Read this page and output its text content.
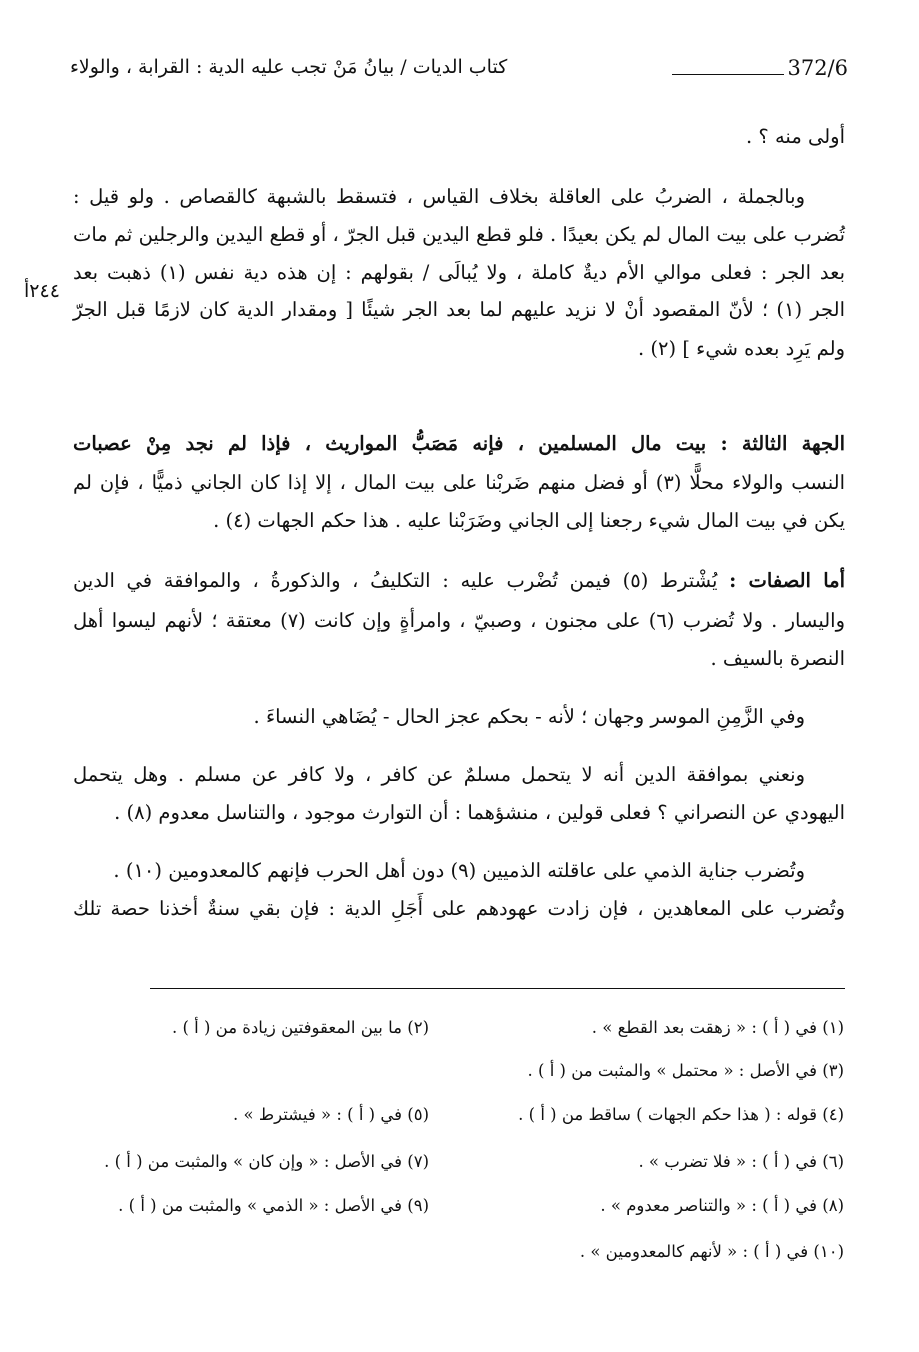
372/6
كتاب الديات / بيانُ مَنْ تجب عليه الدية : القرابة ، والولاء
٢٤٤أ
أولى منه ؟ .
وبالجملة ، الضربُ على العاقلة بخلاف القياس ، فتسقط بالشبهة كالقصاص . ولو قيل :
تُضرب على بيت المال لم يكن بعيدًا . فلو قطع اليدين قبل الجرّ ، أو قطع اليدين والرجلين ثم مات
بعد الجر : فعلى موالي الأم ديةٌ كاملة ، ولا يُبالَى / بقولهم : إن هذه دية نفس (١) ذهبت بعد
الجر (١) ؛ لأنّ المقصود أنْ لا نزيد عليهم لما بعد الجر شيئًا [ ومقدار الدية كان لازمًا قبل الجرّ
ولم يَرِد بعده شيء ] (٢) .
الجهة الثالثة : بيت مال المسلمين ، فإنه مَصَبُّ المواريث ، فإذا لم نجد مِنْ عصبات
النسب والولاء محلًّا (٣) أو فضل منهم ضَربْنا على بيت المال ، إلا إذا كان الجاني ذميًّا ، فإن لم
يكن في بيت المال شيء رجعنا إلى الجاني وضَرَبْنا عليه . هذا حكم الجهات (٤) .
أما الصفات : يُشْترط (٥) فيمن تُضْرب عليه : التكليفُ ، والذكورةُ ، والموافقة في الدين
واليسار . ولا تُضرب (٦) على مجنون ، وصبيّ ، وامرأةٍ وإن كانت (٧) معتقة ؛ لأنهم ليسوا أهل
النصرة بالسيف .
وفي الزَّمِنِ الموسر وجهان ؛ لأنه - بحكم عجز الحال - يُضَاهي النساءَ .
ونعني بموافقة الدين أنه لا يتحمل مسلمٌ عن كافر ، ولا كافر عن مسلم . وهل يتحمل
اليهودي عن النصراني ؟ فعلى قولين ، منشؤهما : أن التوارث موجود ، والتناسل معدوم (٨) .
وتُضرب جناية الذمي على عاقلته الذميين (٩) دون أهل الحرب فإنهم كالمعدومين (١٠) .
وتُضرب على المعاهدين ، فإن زادت عهودهم على أَجَلِ الدية : فإن بقي سنةٌ أخذنا حصة تلك
(١) في ( أ ) : « زهقت بعد القطع » .
(٢) ما بين المعقوفتين زيادة من ( أ ) .
(٣) في الأصل : « محتمل » والمثبت من ( أ ) .
(٤) قوله : ( هذا حكم الجهات ) ساقط من ( أ ) .
(٥) في ( أ ) : « فيشترط » .
(٦) في ( أ ) : « فلا تضرب » .
(٧) في الأصل : « وإن كان » والمثبت من ( أ ) .
(٨) في ( أ ) : « والتناصر معدوم » .
(٩) في الأصل : « الذمي » والمثبت من ( أ ) .
(١٠) في ( أ ) : « لأنهم كالمعدومين » .
